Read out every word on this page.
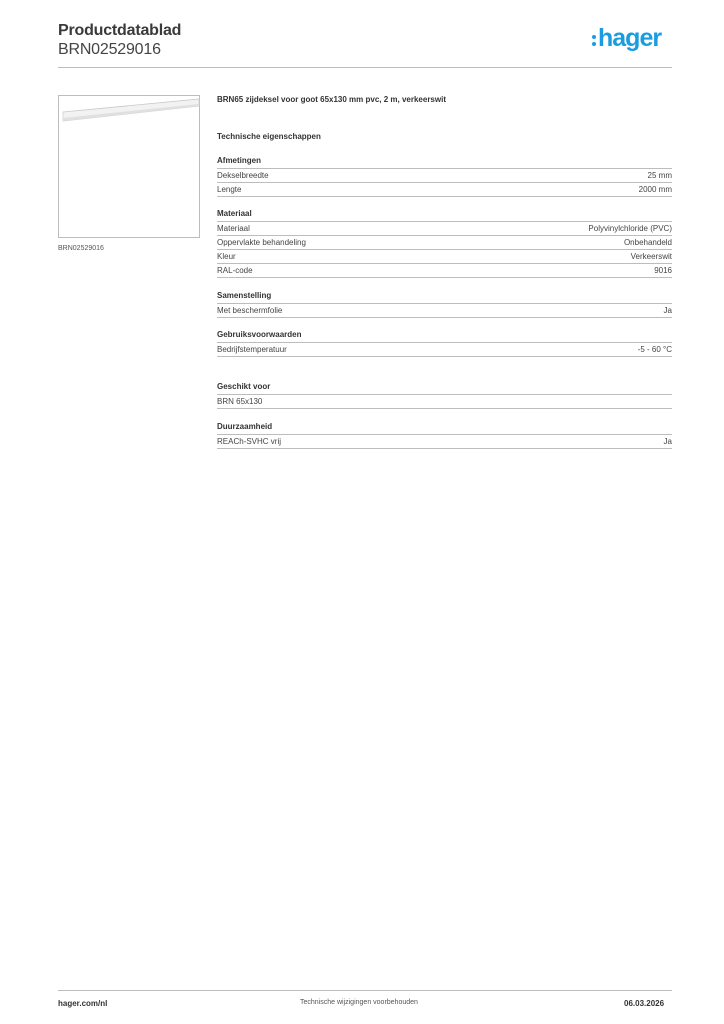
Productdatablad
BRN02529016	hager
BRN02529016
BRN65 zijdeksel voor goot 65x130 mm pvc, 2 m, verkeerswit
Technische eigenschappen
Afmetingen
Dekselbreedte	25 mm
Lengte	2000 mm
Materiaal
Materiaal	Polyvinylchloride (PVC)
Oppervlakte behandeling	Onbehandeld
Kleur	Verkeerswit
RAL-code	9016
Samenstelling
Met beschermfolie	Ja
Gebruiksvoorwaarden
Bedrijfstemperatuur	-5 - 60 °C
Geschikt voor
BRN 65x130
Duurzaamheid
REACh-SVHC vrij	Ja
hager.com/nl	Technische wijzigingen voorbehouden	06.03.2026
